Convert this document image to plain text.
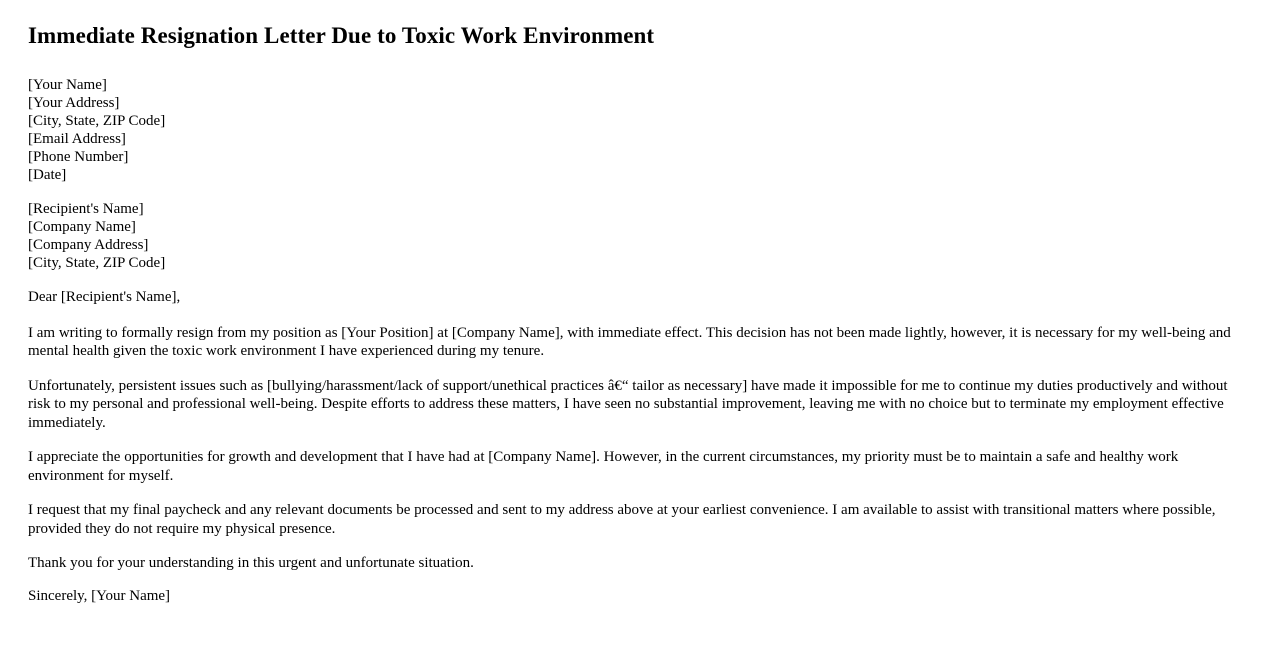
Immediate Resignation Letter Due to Toxic Work Environment
[Your Name]
[Your Address]
[City, State, ZIP Code]
[Email Address]
[Phone Number]
[Date]
[Recipient's Name]
[Company Name]
[Company Address]
[City, State, ZIP Code]

Dear [Recipient's Name],

I am writing to formally resign from my position as [Your Position] at [Company Name], with immediate effect. This decision has not been made lightly, however, it is necessary for my well-being and mental health given the toxic work environment I have experienced during my tenure.

Unfortunately, persistent issues such as [bullying/harassment/lack of support/unethical practices â€“ tailor as necessary] have made it impossible for me to continue my duties productively and without risk to my personal and professional well-being. Despite efforts to address these matters, I have seen no substantial improvement, leaving me with no choice but to terminate my employment effective immediately.

I appreciate the opportunities for growth and development that I have had at [Company Name]. However, in the current circumstances, my priority must be to maintain a safe and healthy work environment for myself.

I request that my final paycheck and any relevant documents be processed and sent to my address above at your earliest convenience. I am available to assist with transitional matters where possible, provided they do not require my physical presence.

Thank you for your understanding in this urgent and unfortunate situation.

Sincerely, [Your Name]
